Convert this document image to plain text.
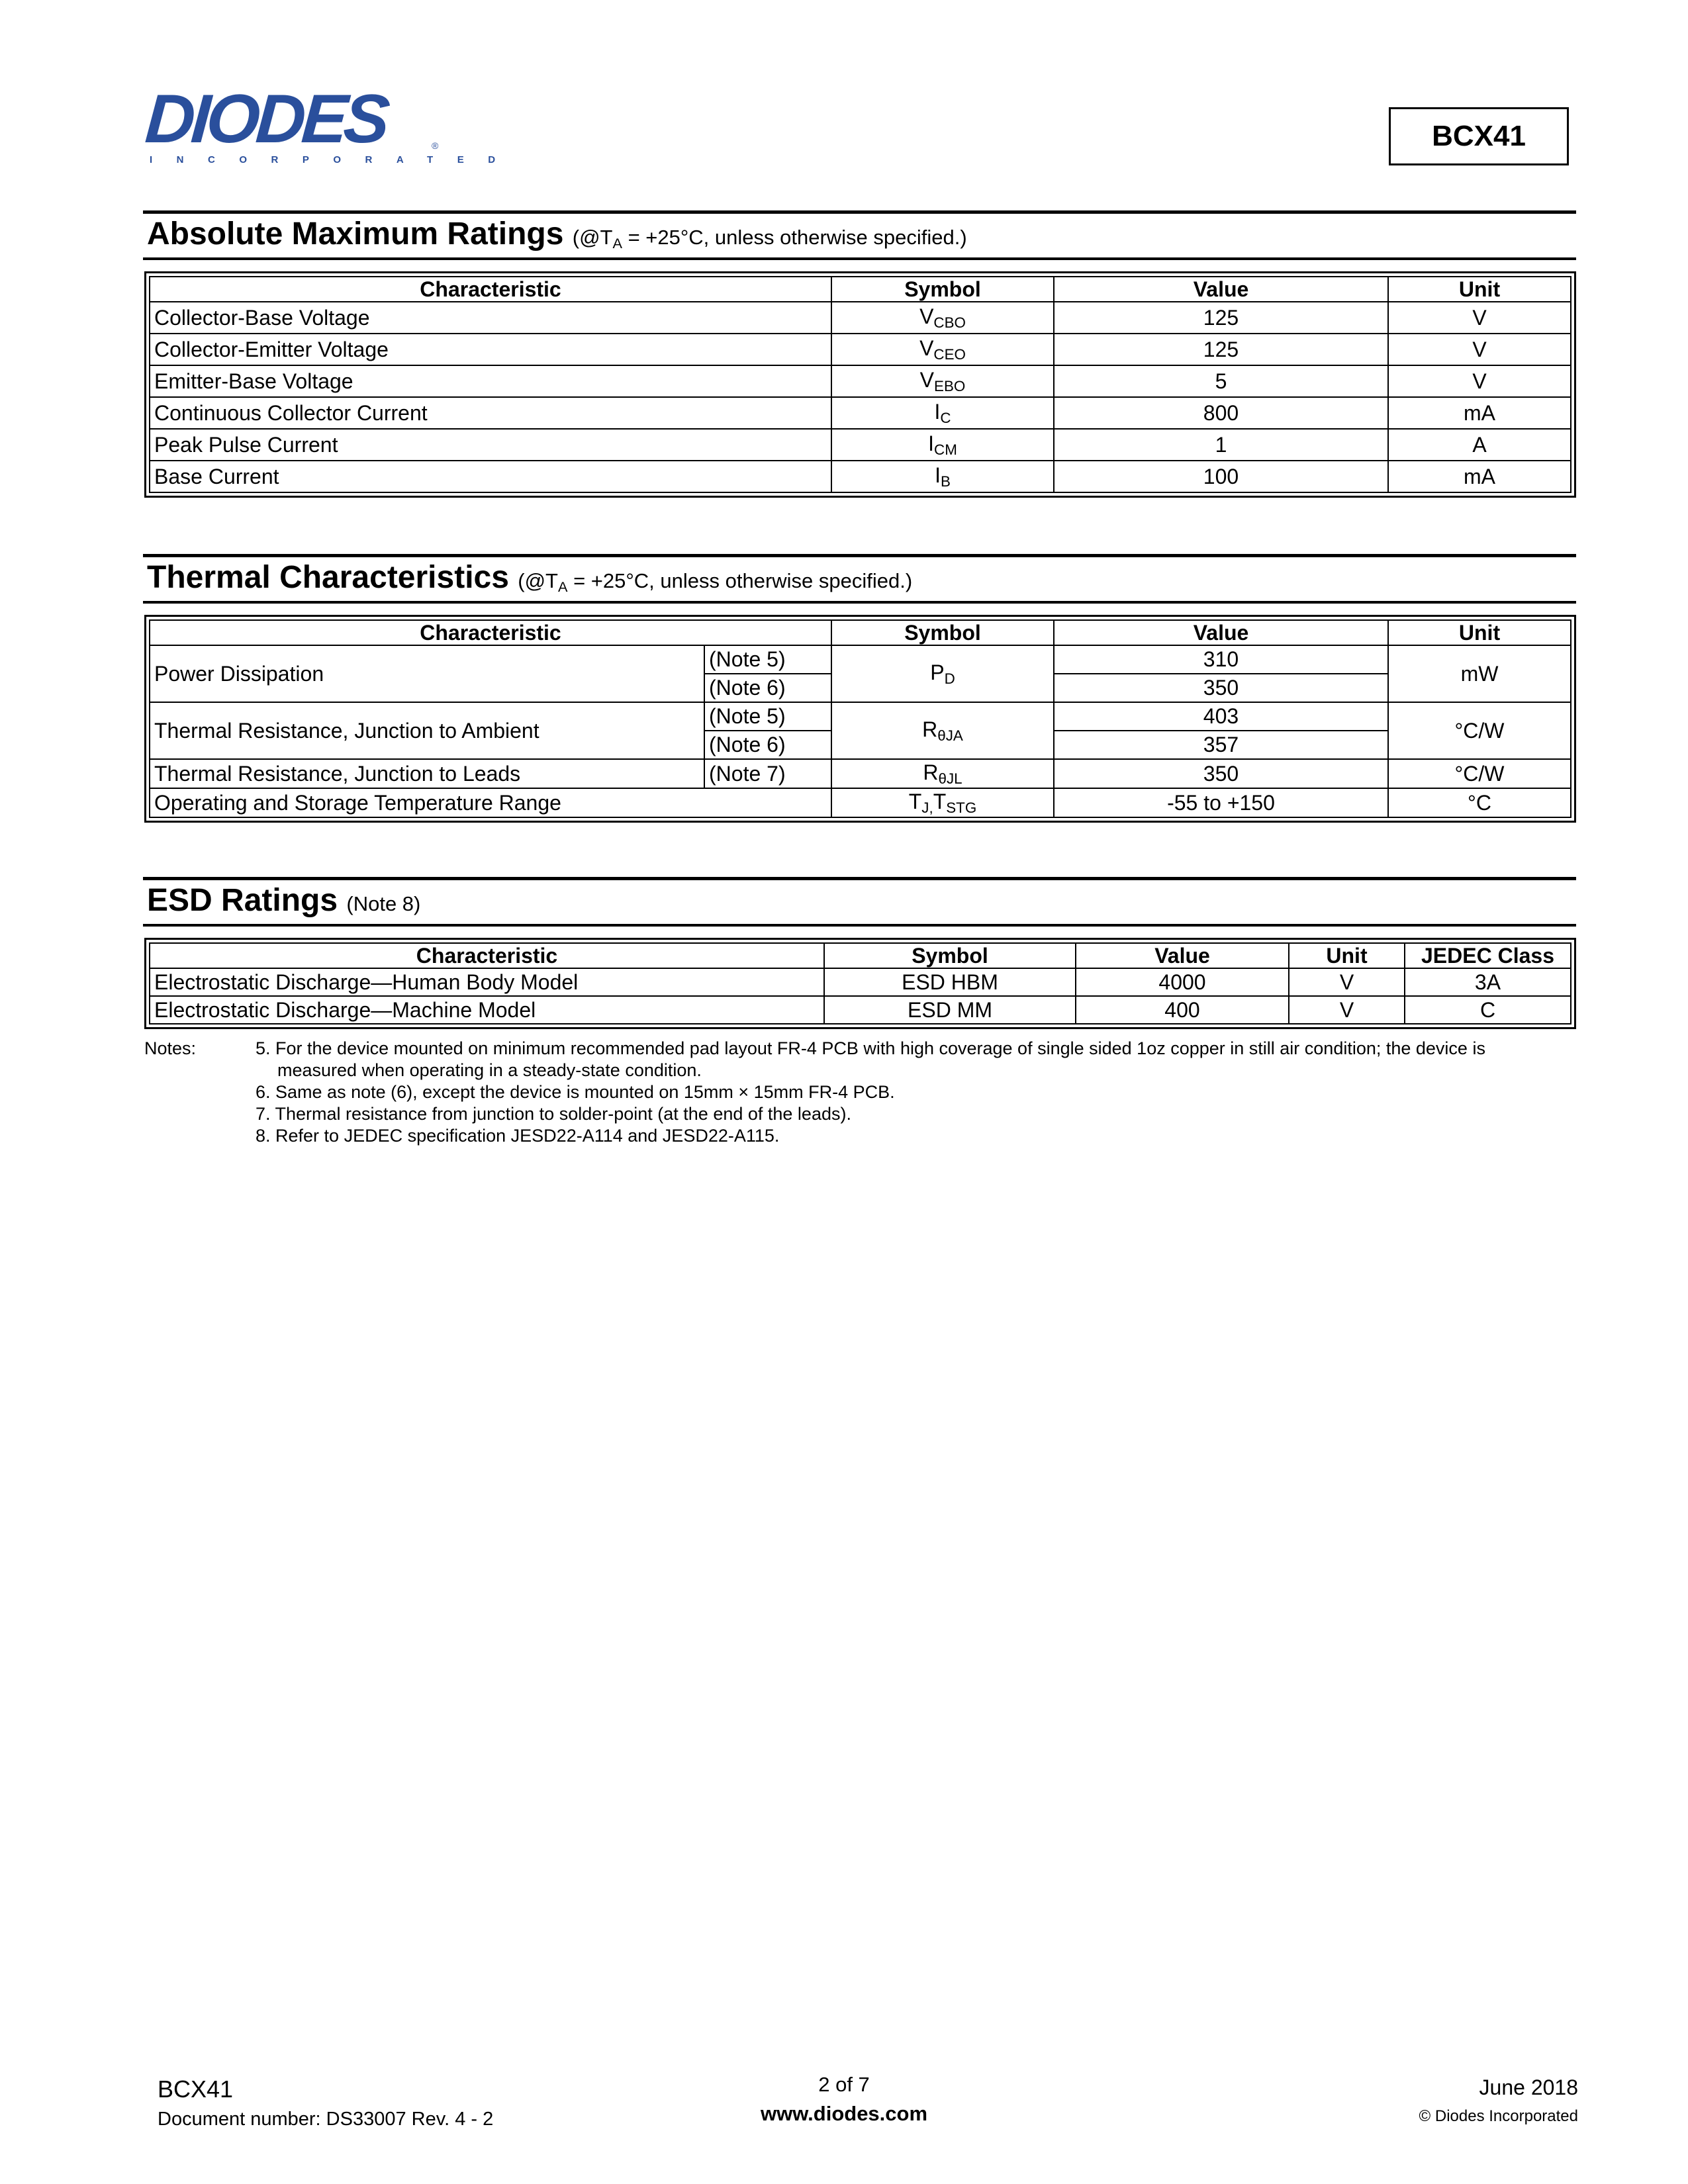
DIODES
INCORPORATED
®	BCX41
Absolute Maximum Ratings (@TA = +25°C, unless otherwise specified.)
Characteristic	Symbol	Value	Unit
Collector-Base Voltage	VCBO	125	V
Collector-Emitter Voltage	VCEO	125	V
Emitter-Base Voltage	VEBO	5	V
Continuous Collector Current	IC	800	mA
Peak Pulse Current	ICM	1	A
Base Current	IB	100	mA
Thermal Characteristics (@TA = +25°C, unless otherwise specified.)
Characteristic		Symbol	Value	Unit
Power Dissipation	(Note 5)	PD	310	mW
	(Note 6)		350	
Thermal Resistance, Junction to Ambient	(Note 5)	RθJA	403	°C/W
	(Note 6)		357	
Thermal Resistance, Junction to Leads	(Note 7)	RθJL	350	°C/W
Operating and Storage Temperature Range		TJ,TSTG	-55 to +150	°C
ESD Ratings (Note 8)
Characteristic	Symbol	Value	Unit	JEDEC Class
Electrostatic Discharge—Human Body Model	ESD HBM	4000	V	3A
Electrostatic Discharge—Machine Model	ESD MM	400	V	C
Notes:	5. For the device mounted on minimum recommended pad layout FR-4 PCB with high coverage of single sided 1oz copper in still air condition; the device is
measured when operating in a steady-state condition.
6. Same as note (6), except the device is mounted on 15mm × 15mm FR-4 PCB.
7. Thermal resistance from junction to solder-point (at the end of the leads).
8. Refer to JEDEC specification JESD22-A114 and JESD22-A115.
BCX41
Document number: DS33007 Rev. 4 - 2
2 of 7
www.diodes.com
June 2018
© Diodes Incorporated
